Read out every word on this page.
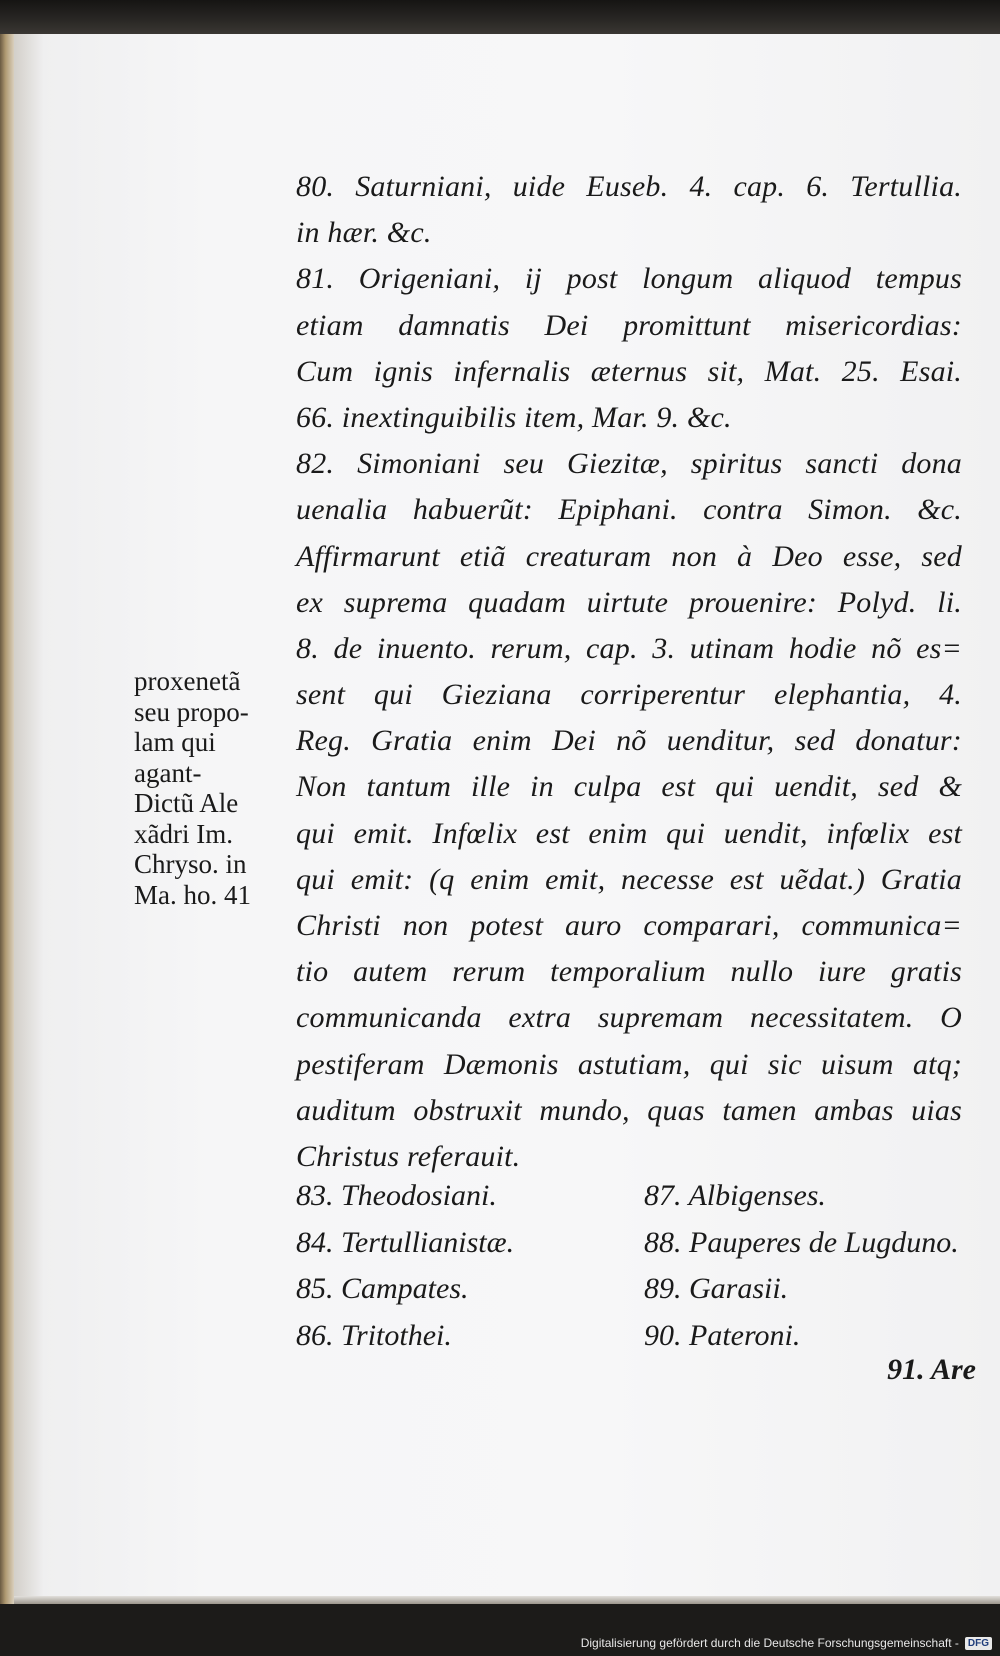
proxenetã
seu propo-
lam qui
agant-
Dictũ Ale
xãdri Im.
Chryso. in
Ma. ho. 41
80. Saturniani, uide Euseb. 4. cap. 6. Tertullia.
in hær. &c.
81. Origeniani, ij post longum aliquod tempus
etiam damnatis Dei promittunt misericordias:
Cum ignis infernalis æternus sit, Mat. 25. Esai.
66. inextinguibilis item, Mar. 9. &c.
82. Simoniani seu Giezitæ, spiritus sancti dona
uenalia habuerũt: Epiphani. contra Simon. &c.
Affirmarunt etiã creaturam non à Deo esse, sed
ex suprema quadam uirtute prouenire: Polyd. li.
8. de inuento. rerum, cap. 3. utinam hodie nõ es=
sent qui Gieziana corriperentur elephantia, 4.
Reg. Gratia enim Dei nõ uenditur, sed donatur:
Non tantum ille in culpa est qui uendit, sed &
qui emit. Infœlix est enim qui uendit, infœlix est
qui emit: (q enim emit, necesse est uẽdat.) Gratia
Christi non potest auro comparari, communica=
tio autem rerum temporalium nullo iure gratis
communicanda extra supremam necessitatem. O
pestiferam Dæmonis astutiam, qui sic uisum atq;
auditum obstruxit mundo, quas tamen ambas uias
Christus referauit.
83. Theodosiani.	87. Albigenses.
84. Tertullianistæ.	88. Pauperes de Lugduno.
85. Campates.	89. Garasii.
86. Tritothei.	90. Pateroni.
91. Are
Digitalisierung gefördert durch die Deutsche Forschungsgemeinschaft - DFG
